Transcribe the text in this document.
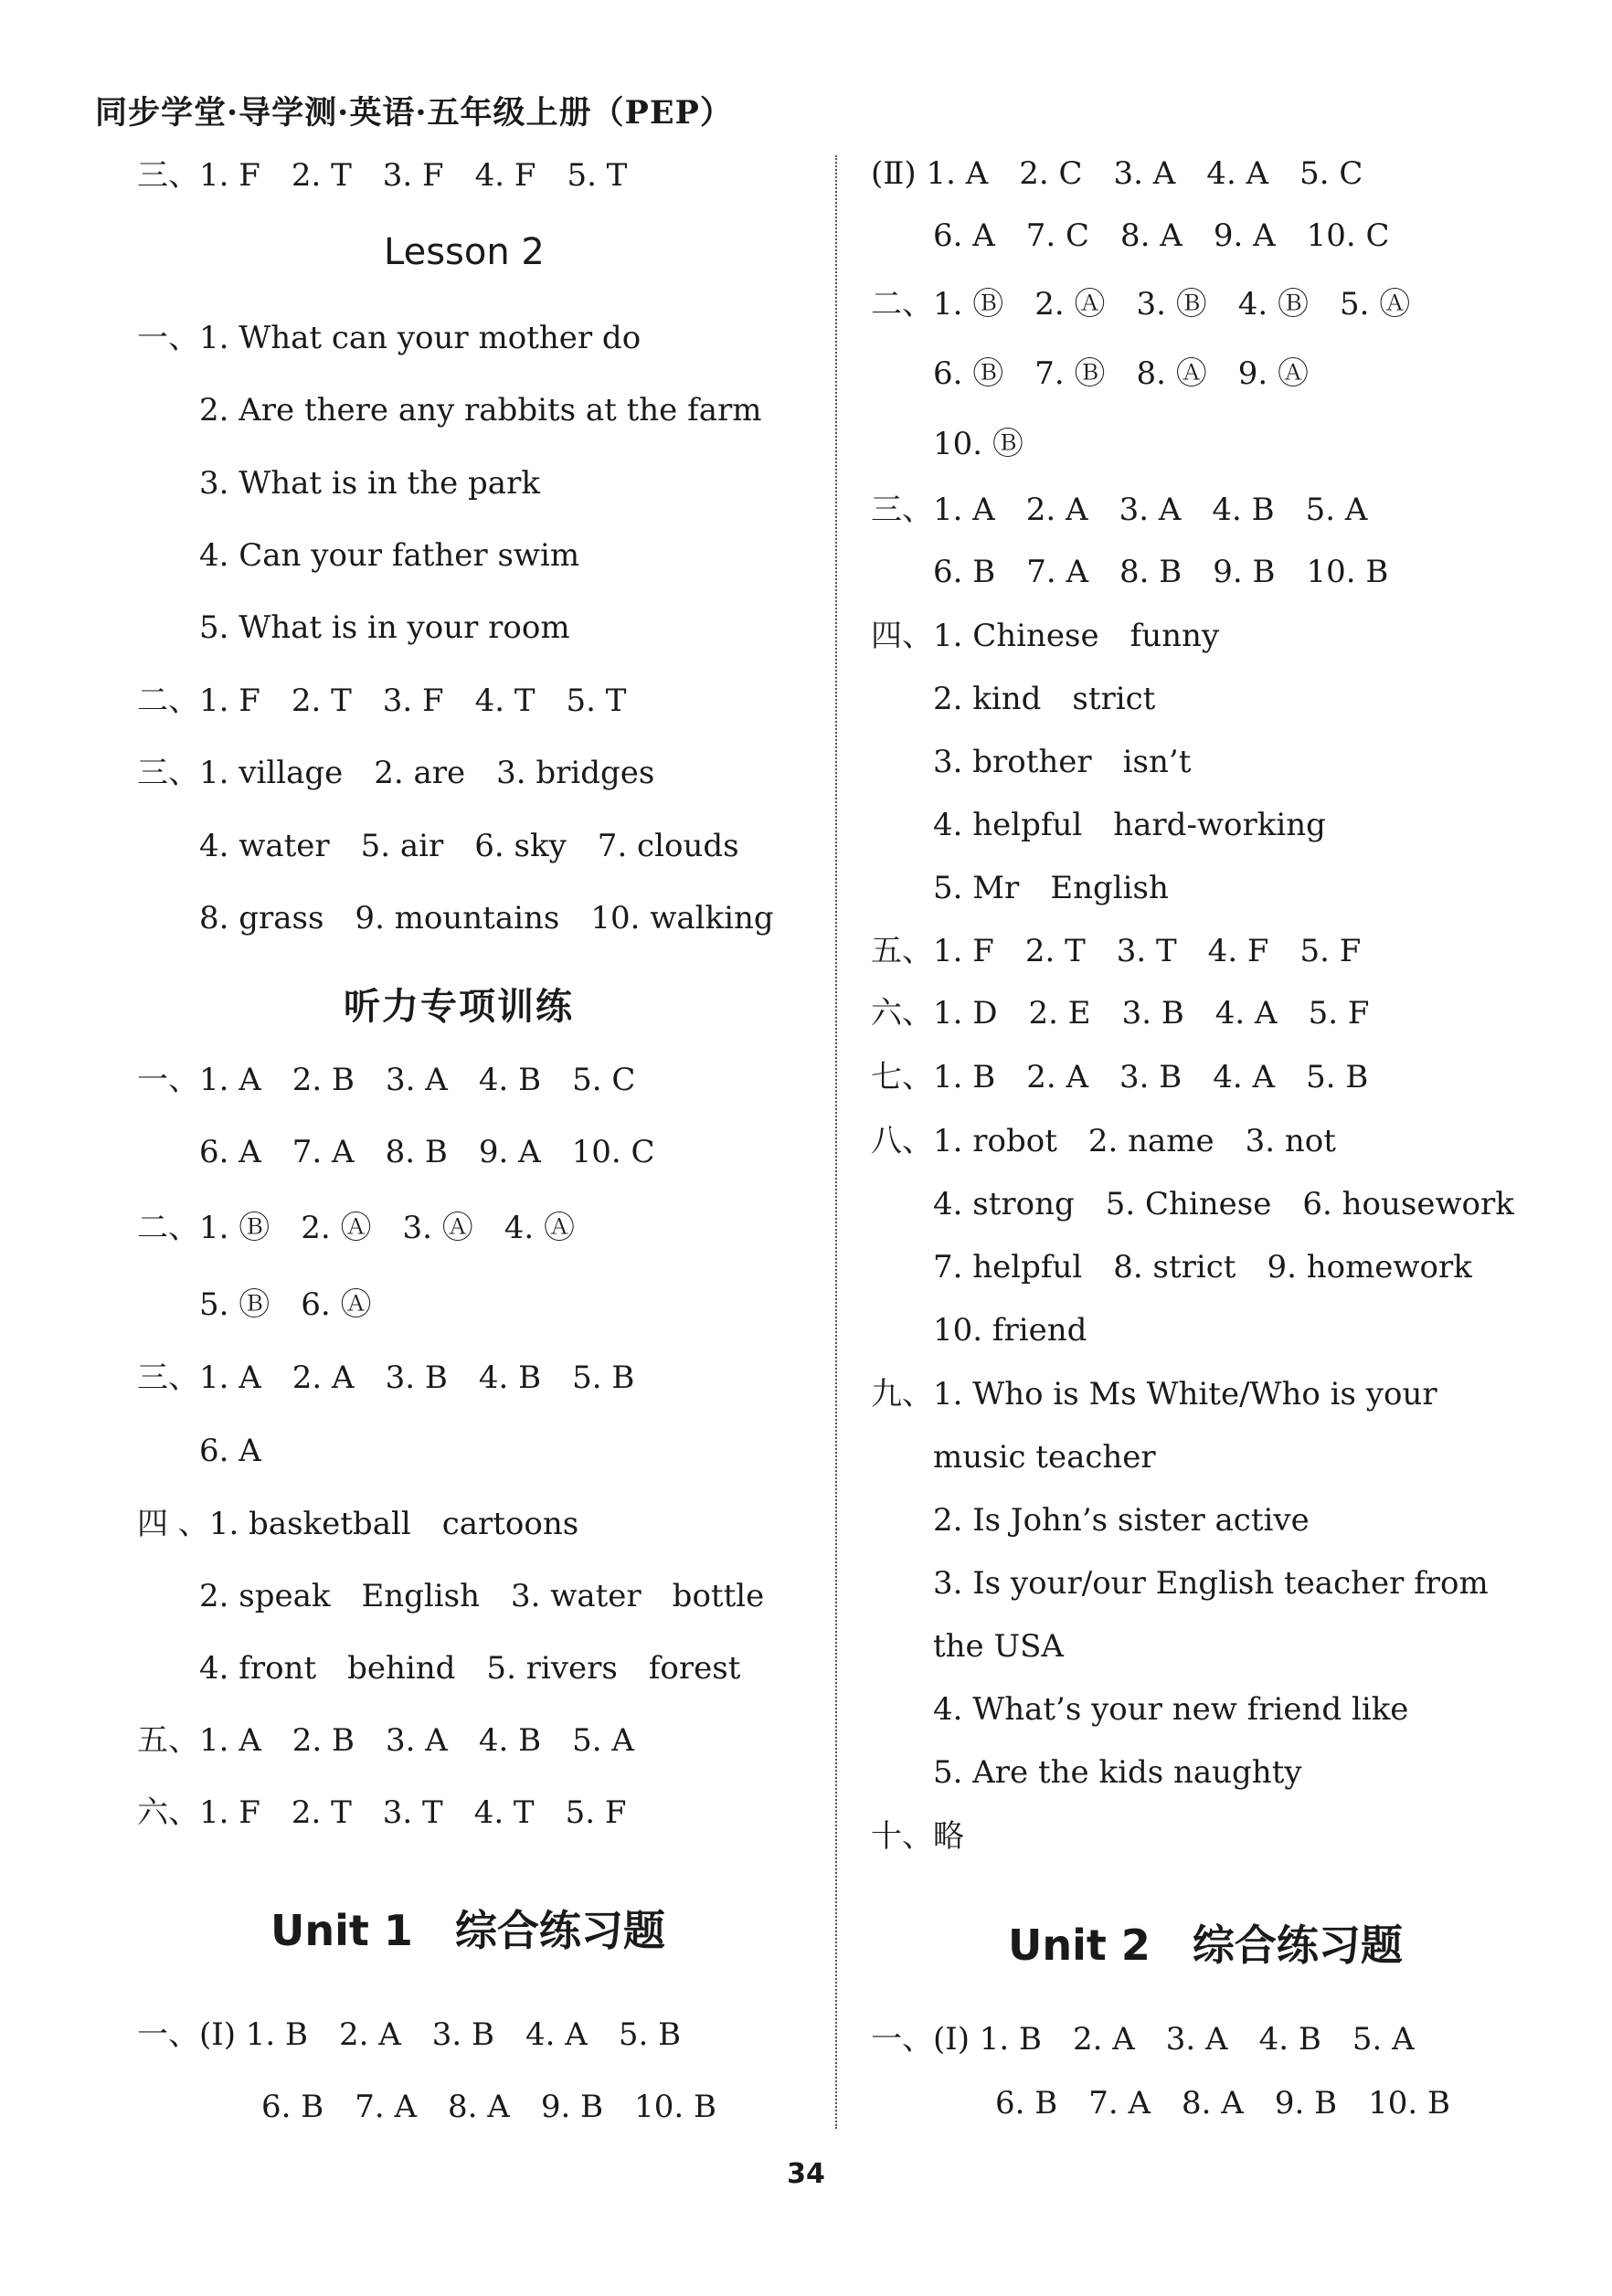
同步学堂·导学测·英语·五年级上册（PEP）
三、1. F　2. T　3. F　4. F　5. T
Lesson 2
一、1. What can your mother do
　　2. Are there any rabbits at the farm
　　3. What is in the park
　　4. Can your father swim
　　5. What is in your room
二、1. F　2. T　3. F　4. T　5. T
三、1. village　2. are　3. bridges
　　4. water　5. air　6. sky　7. clouds
　　8. grass　9. mountains　10. walking
听力专项训练
一、1. A　2. B　3. A　4. B　5. C
　　6. A　7. A　8. B　9. A　10. C
二、1. Ⓑ　2. Ⓐ　3. Ⓐ　4. Ⓐ
　　5. Ⓑ　6. Ⓐ
三、1. A　2. A　3. B　4. B　5. B
　　6. A
四 、1. basketball　cartoons
　　2. speak　English　3. water　bottle
　　4. front　behind　5. rivers　forest
五、1. A　2. B　3. A　4. B　5. A
六、1. F　2. T　3. T　4. T　5. F
Unit 1　综合练习题
一、(Ⅰ) 1. B　2. A　3. B　4. A　5. B
　　　　6. B　7. A　8. A　9. B　10. B
(Ⅱ) 1. A　2. C　3. A　4. A　5. C
　　6. A　7. C　8. A　9. A　10. C
二、1. Ⓑ　2. Ⓐ　3. Ⓑ　4. Ⓑ　5. Ⓐ
　　6. Ⓑ　7. Ⓑ　8. Ⓐ　9. Ⓐ
　　10. Ⓑ
三、1. A　2. A　3. A　4. B　5. A
　　6. B　7. A　8. B　9. B　10. B
四、1. Chinese　funny
　　2. kind　strict
　　3. brother　isn’t
　　4. helpful　hard-working
　　5. Mr　English
五、1. F　2. T　3. T　4. F　5. F
六、1. D　2. E　3. B　4. A　5. F
七、1. B　2. A　3. B　4. A　5. B
八、1. robot　2. name　3. not
　　4. strong　5. Chinese　6. housework
　　7. helpful　8. strict　9. homework
　　10. friend
九、1. Who is Ms White/Who is your
　　music teacher
　　2. Is John’s sister active
　　3. Is your/our English teacher from
　　the USA
　　4. What’s your new friend like
　　5. Are the kids naughty
十、略
Unit 2　综合练习题
一、(Ⅰ) 1. B　2. A　3. A　4. B　5. A
　　　　6. B　7. A　8. A　9. B　10. B
34
